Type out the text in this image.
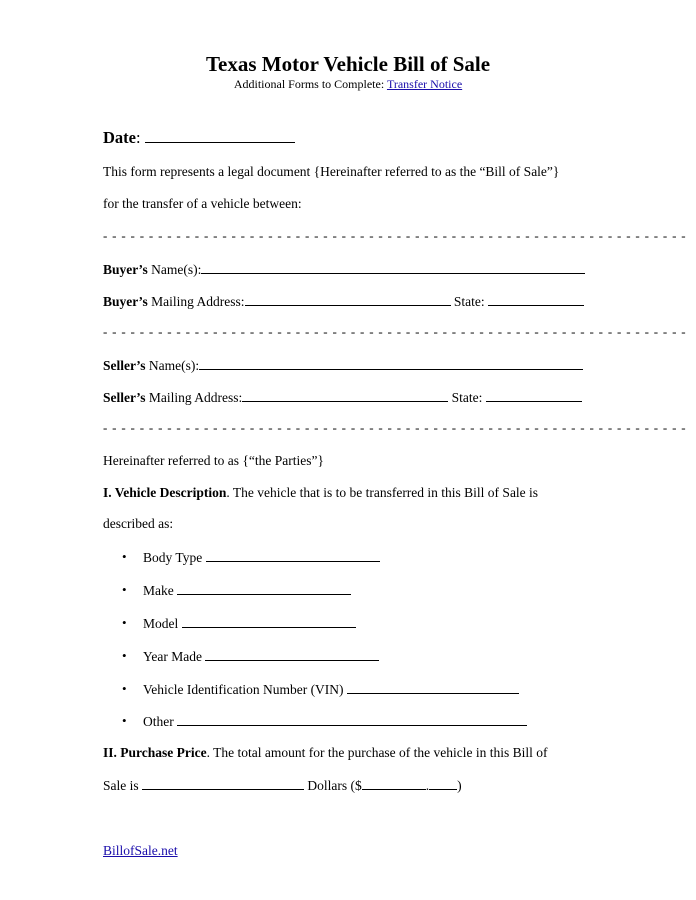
Texas Motor Vehicle Bill of Sale
Additional Forms to Complete: Transfer Notice
Date:
This form represents a legal document {Hereinafter referred to as the “Bill of Sale”}
for the transfer of a vehicle between:
- - - - - - - - - - - - - - - - - - - - - - - - - - - - - - - - - - - - - - - - - - - - - - - - - - - - - - - - - - - - - - - -
Buyer’s Name(s):
Buyer’s Mailing Address:	State:
- - - - - - - - - - - - - - - - - - - - - - - - - - - - - - - - - - - - - - - - - - - - - - - - - - - - - - - - - - - - - - - -
Seller’s Name(s):
Seller’s Mailing Address:	State:
- - - - - - - - - - - - - - - - - - - - - - - - - - - - - - - - - - - - - - - - - - - - - - - - - - - - - - - - - - - - - - - -
Hereinafter referred to as {“the Parties”}
I. Vehicle Description. The vehicle that is to be transferred in this Bill of Sale is
described as:
• Body Type
• Make
• Model
• Year Made
• Vehicle Identification Number (VIN)
• Other
II. Purchase Price. The total amount for the purchase of the vehicle in this Bill of
Sale is	Dollars ($	. )
BillofSale.net
